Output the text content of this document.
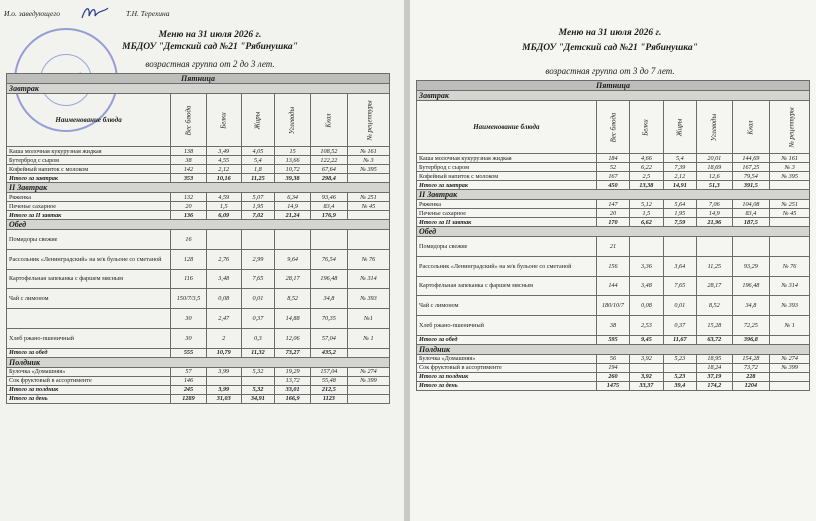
И.о. заведующего	Т.Н. Терехина
Меню на 31 июля 2026 г.
МБДОУ "Детский сад №21 "Рябинушка"
возрастная группа от 2 до 3 лет.
Пятница						
Завтрак						
Наименование блюда	Вес блюда	Белки	Жиры	Углеводы	Ккал	№ рецептуры
Каша молочная кукурузная жидкая	138	3,49	4,05	15	108,52	№ 161
Бутерброд с сыром	38	4,55	5,4	13,66	122,22	№ 3
Кофейный напиток с молоком	142	2,12	1,8	10,72	67,64	№ 395
Итого за завтрак	353	10,16	11,25	39,38	298,4	
II Завтрак						
Ряженка	132	4,59	5,07	6,34	93,46	№ 251
Печенье сахарное	20	1,5	1,95	14,9	83,4	№ 45
Итого за II завтак	136	6,09	7,02	21,24	176,9	
Обед						
Помидоры свежие	16					
Рассольник «Ленинградский» на м/к бульоне со сметаной	128	2,76	2,99	9,64	76,54	№ 76
Картофельная запеканка с фаршем мясным	116	3,48	7,65	28,17	196,48	№ 314
Чай с лимоном	150/7/3,5	0,08	0,01	8,52	34,8	№ 393
	30	2,47	0,37	14,88	70,35	№1
Хлеб ржано-пшеничный	30	2	0,3	12,06	57,04	№ 1
Итого за обед	555	10,79	11,32	73,27	435,2	
Полдник						
Булочка «Домашняя»	57	3,99	5,32	19,29	157,04	№ 274
Сок фруктовый в ассортименте	146			13,72	55,48	№ 399
Итого за полдник	245	3,99	5,32	33,01	212,5	
Итого за день	1289	31,03	34,91	166,9	1123	
Меню на 31 июля 2026 г.
МБДОУ "Детский сад №21 "Рябинушка"
возрастная группа от 3 до 7 лет.
Пятница						
Завтрак						
Наименование блюда	Вес блюда	Белки	Жиры	Углеводы	Ккал	№ рецептуры
Каша молочная кукурузная жидкая	184	4,66	5,4	20,01	144,69	№ 161
Бутерброд с сыром	52	6,22	7,39	18,69	167,25	№ 3
Кофейный напиток с молоком	167	2,5	2,12	12,6	79,54	№ 395
Итого за завтрак	450	13,38	14,91	51,3	391,5	
II Завтрак						
Ряженка	147	5,12	5,64	7,06	104,08	№ 251
Печенье сахарное	20	1,5	1,95	14,9	83,4	№ 45
Итого за II завтак	170	6,62	7,59	21,96	187,5	
Обед						
Помидоры свежие	21					
Рассольник «Ленинградский» на м/к бульоне со сметаной	156	3,36	3,64	11,25	93,29	№ 76
Картофельная запеканка с фаршем мясным	144	3,48	7,65	28,17	196,48	№ 314
Чай с лимоном	180/10/7	0,08	0,01	8,52	34,8	№ 393
Хлеб ржано-пшеничный	38	2,53	0,37	15,28	72,25	№ 1
Итого за обед	595	9,45	11,67	63,72	396,8	
Полдник						
Булочка «Домашняя»	56	3,92	5,23	18,95	154,28	№ 274
Сок фруктовый в ассортименте	194			18,24	73,72	№ 399
Итого за полдник	260	3,92	5,23	37,19	228	
Итого за день	1475	33,37	39,4	174,2	1204	
